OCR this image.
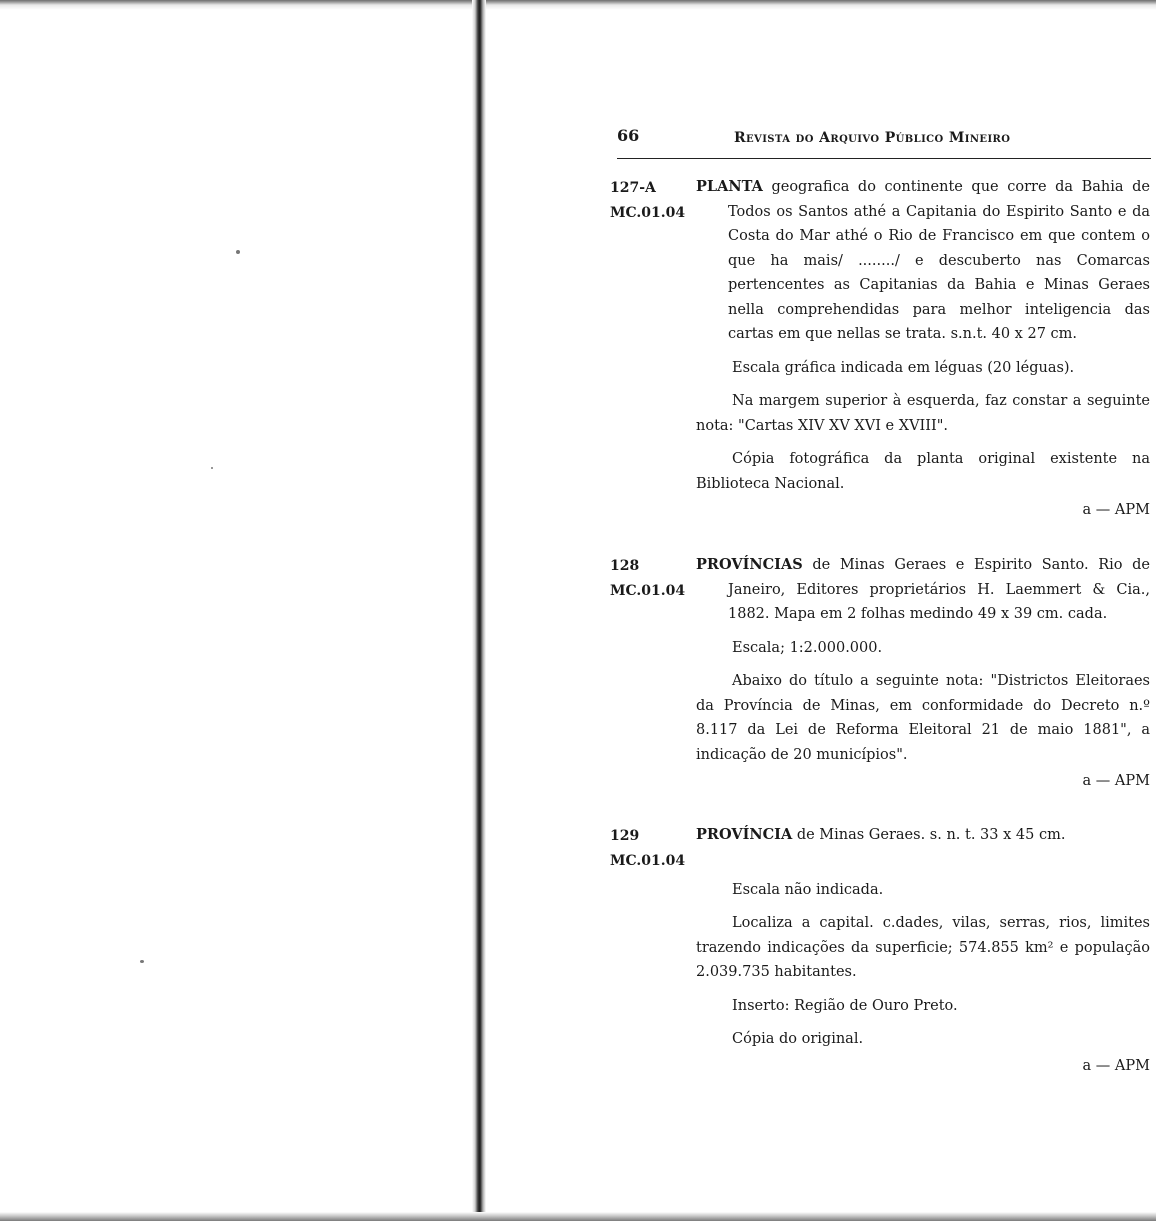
66	Revista do Arquivo Público Mineiro
127-A
MC.01.04

PLANTA geografica do continente que corre da Bahia de Todos os Santos athé a Capitania do Espirito Santo e da Costa do Mar athé o Rio de Francisco em que contem o que ha mais/ ......../ e descuberto nas Comarcas pertencentes as Capitanias da Bahia e Minas Geraes nella comprehendidas para melhor inteligencia das cartas em que nellas se trata. s.n.t. 40 x 27 cm.

Escala gráfica indicada em léguas (20 léguas).

Na margem superior à esquerda, faz constar a seguinte nota: "Cartas XIV XV XVI e XVIII".

Cópia fotográfica da planta original existente na Biblioteca Nacional.

a — APM

128
MC.01.04

PROVÍNCIAS de Minas Geraes e Espirito Santo. Rio de Janeiro, Editores proprietários H. Laemmert & Cia., 1882. Mapa em 2 folhas medindo 49 x 39 cm. cada.

Escala; 1:2.000.000.

Abaixo do título a seguinte nota: "Districtos Eleitoraes da Província de Minas, em conformidade do Decreto n.º 8.117 da Lei de Reforma Eleitoral 21 de maio 1881", a indicação de 20 municípios".

a — APM

129
MC.01.04

PROVÍNCIA de Minas Geraes. s. n. t. 33 x 45 cm.

Escala não indicada.

Localiza a capital. c.dades, vilas, serras, rios, limites trazendo indicações da superficie; 574.855 km² e população 2.039.735 habitantes.

Inserto: Região de Ouro Preto.

Cópia do original.

a — APM
